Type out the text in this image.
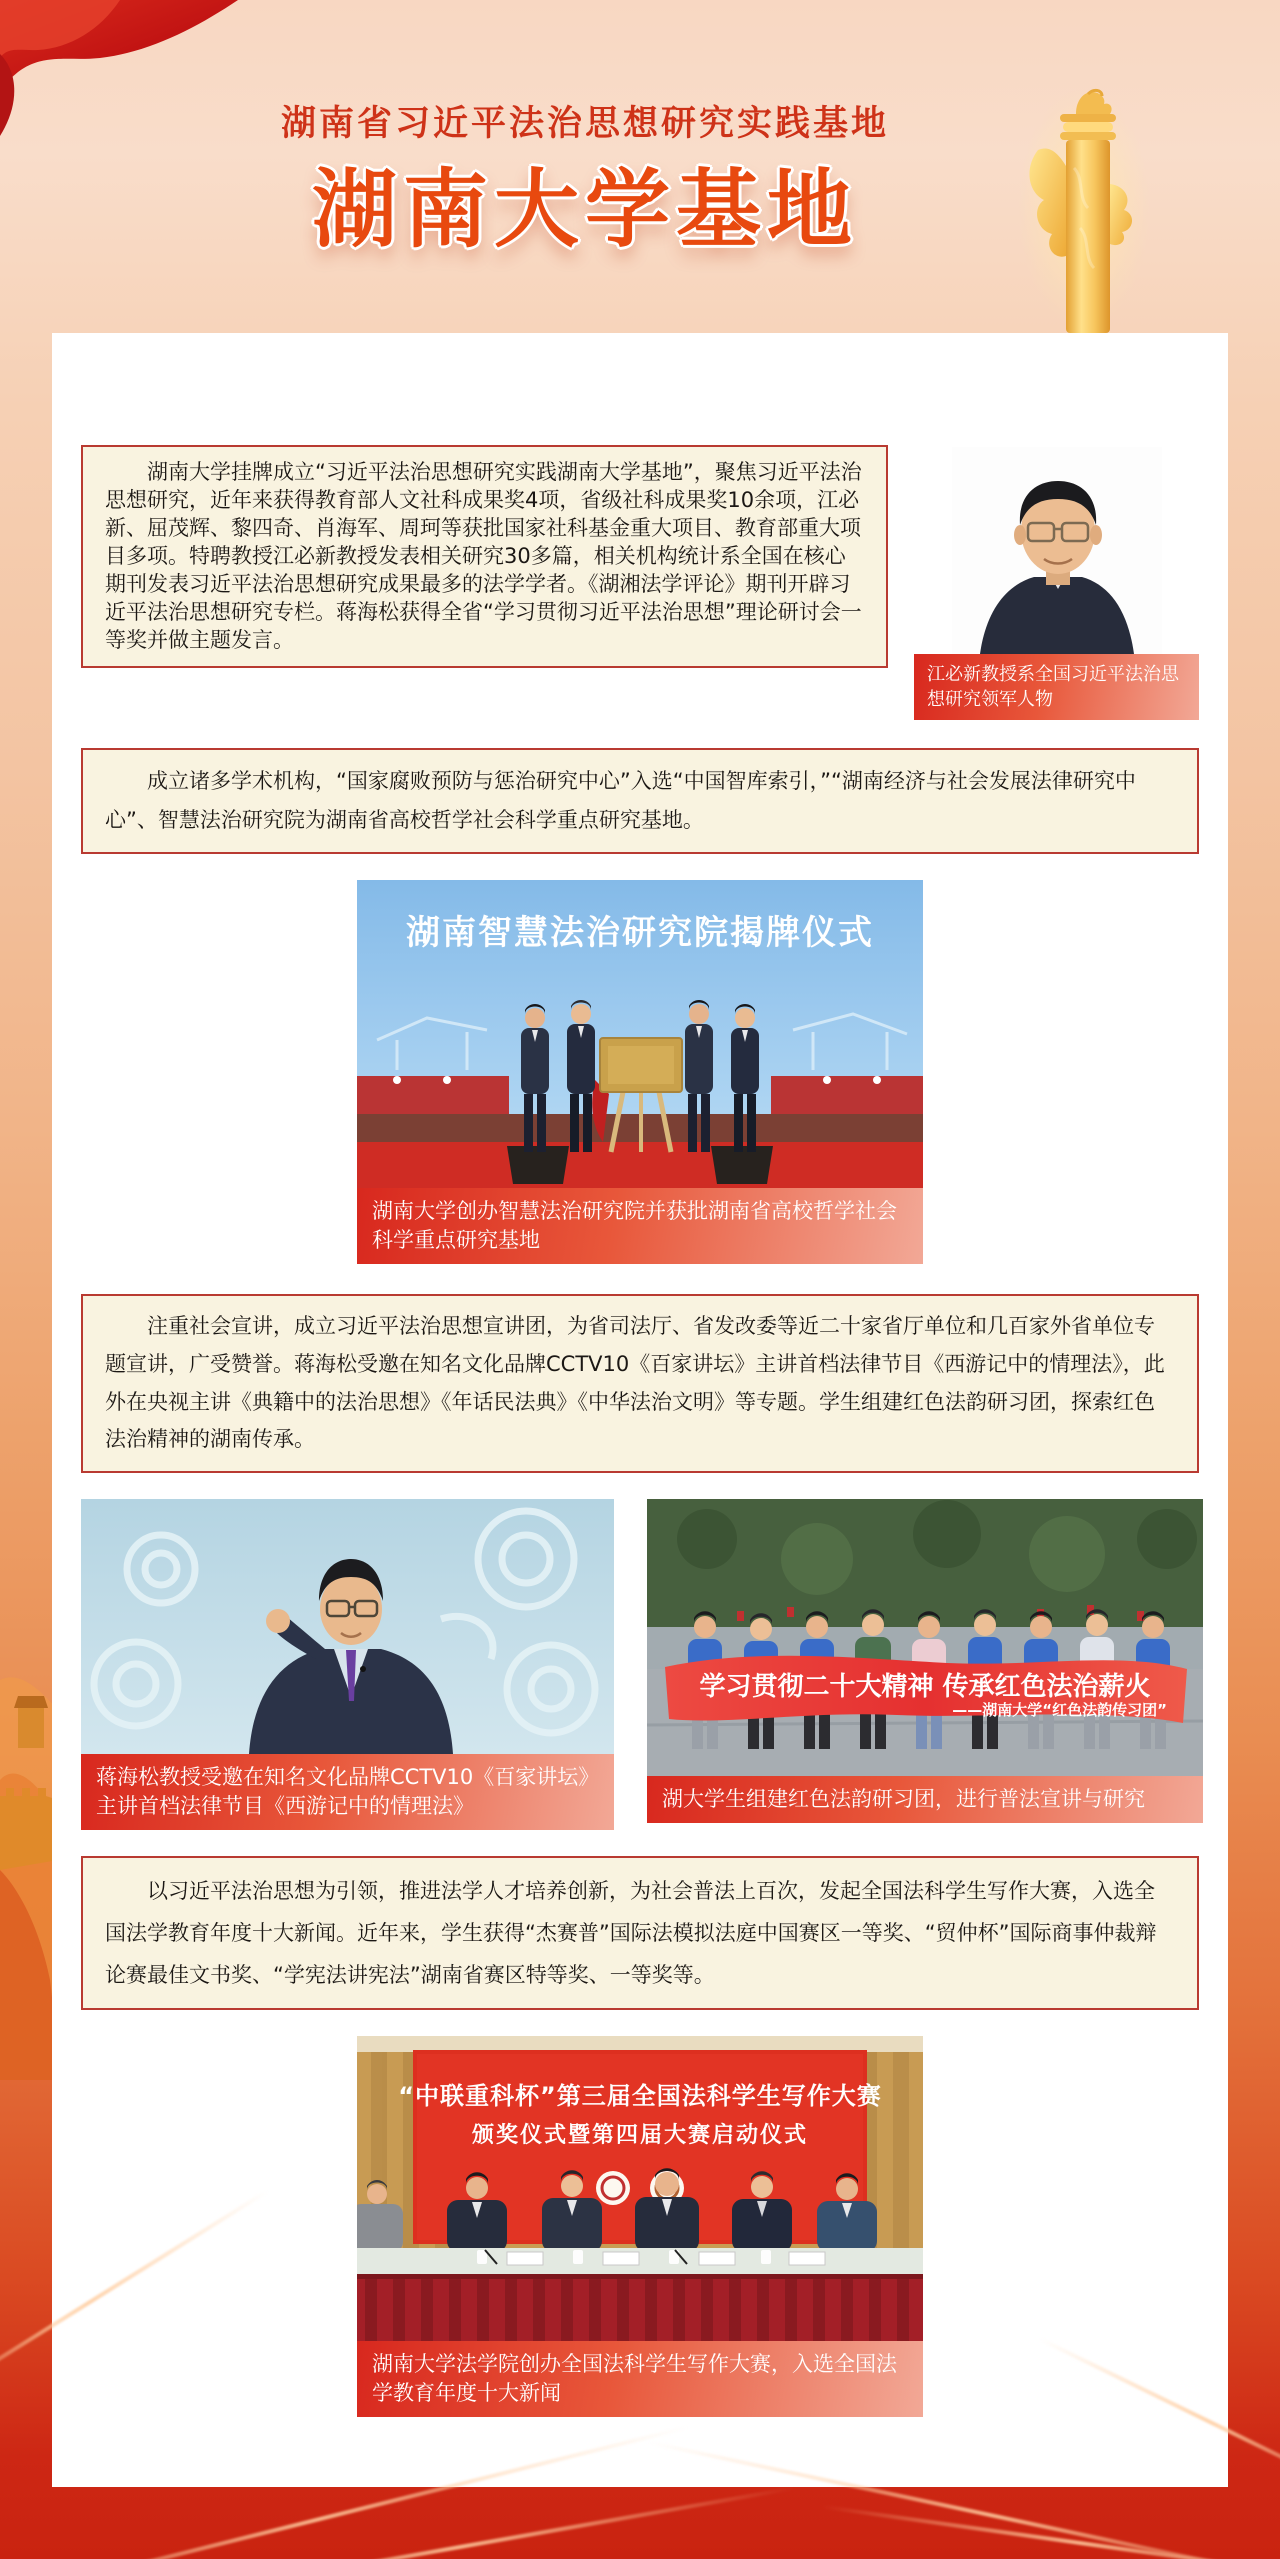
湖南省习近平法治思想研究实践基地
湖南大学基地

湖南大学挂牌成立“习近平法治思想研究实践湖南大学基地”，聚焦习近平法治思想研究，近年来获得教育部人文社科成果奖4项，省级社科成果奖10余项，江必新、屈茂辉、黎四奇、肖海军、周珂等获批国家社科基金重大项目、教育部重大项目多项。特聘教授江必新教授发表相关研究30多篇，相关机构统计系全国在核心期刊发表习近平法治思想研究成果最多的法学学者。《湖湘法学评论》期刊开辟习近平法治思想研究专栏。蒋海松获得全省“学习贯彻习近平法治思想”理论研讨会一等奖并做主题发言。

江必新教授系全国习近平法治思想研究领军人物

成立诸多学术机构，“国家腐败预防与惩治研究中心”入选“中国智库索引，”“湖南经济与社会发展法律研究中心”、智慧法治研究院为湖南省高校哲学社会科学重点研究基地。

湖南智慧法治研究院揭牌仪式
湖南大学创办智慧法治研究院并获批湖南省高校哲学社会科学重点研究基地

注重社会宣讲，成立习近平法治思想宣讲团，为省司法厅、省发改委等近二十家省厅单位和几百家外省单位专题宣讲，广受赞誉。蒋海松受邀在知名文化品牌CCTV10《百家讲坛》主讲首档法律节目《西游记中的情理法》，此外在央视主讲《典籍中的法治思想》《年话民法典》《中华法治文明》等专题。学生组建红色法韵研习团，探索红色法治精神的湖南传承。

蒋海松教授受邀在知名文化品牌CCTV10《百家讲坛》主讲首档法律节目《西游记中的情理法》
学习贯彻二十大精神 传承红色法治薪火
——湖南大学“红色法韵传习团”
湖大学生组建红色法韵研习团，进行普法宣讲与研究

以习近平法治思想为引领，推进法学人才培养创新，为社会普法上百次，发起全国法科学生写作大赛，入选全国法学教育年度十大新闻。近年来，学生获得“杰赛普”国际法模拟法庭中国赛区一等奖、“贸仲杯”国际商事仲裁辩论赛最佳文书奖、“学宪法讲宪法”湖南省赛区特等奖、一等奖等。

“中联重科杯”第三届全国法科学生写作大赛
颁奖仪式暨第四届大赛启动仪式
湖南大学法学院创办全国法科学生写作大赛，入选全国法学教育年度十大新闻
